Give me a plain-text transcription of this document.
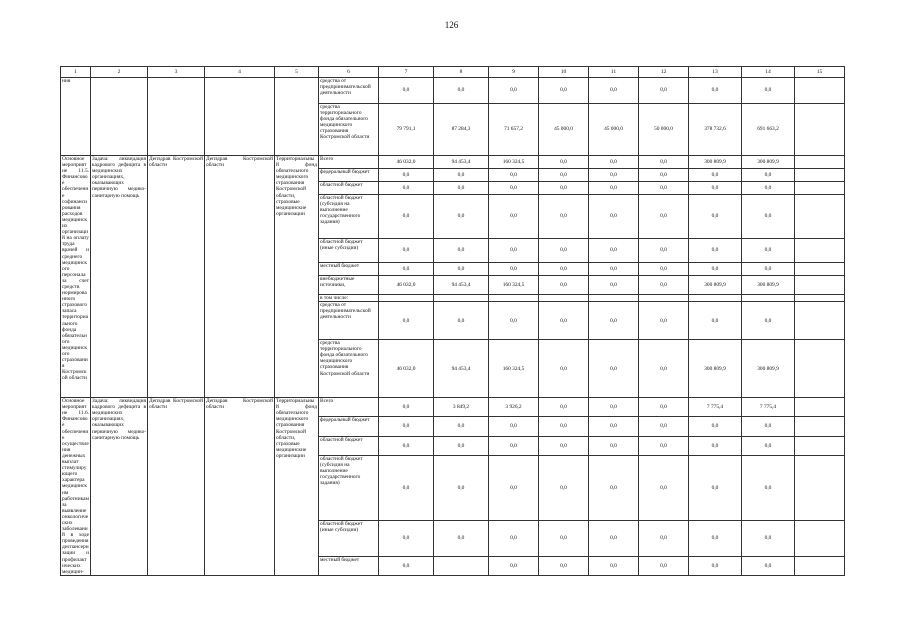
126
1	2	3	4	5	6	7	8	9	10	11	12	13	14	15
ния					средства от предпринимательской деятельности	0,0	0,0	0,0	0,0	0,0	0,0	0,0	0,0	
					средства территориального фонда обязательного медицинского страхования Костромской области	79 791,1	87 284,3	71 657,2	45 000,0	45 000,0	50 000,0	378 732,6	691 663,2	
Основное мероприятие 11.5. Финансовое обеспечение софинансирования расходов медицинских организаций на оплату труда врачей и среднего медицинского персонала за счет средств нормированного страхового запаса территориального фонда обязательного медицинского страхования Костромской области	Задача: ликвидация кадрового дефицита в медицинских организациях, оказывающих первичную медико-санитарную помощь	Депздрав Костромской области	Депздрав Костромской области	Территориальный фонд обязательного медицинского страхования Костромской области, страховые медицинские организации	Всего	46 032,0	94 453,4	160 324,5	0,0	0,0	0,0	300 809,9	300 809,9	
					федеральный бюджет	0,0	0,0	0,0	0,0	0,0	0,0	0,0	0,0	
					областной бюджет	0,0	0,0	0,0	0,0	0,0	0,0	0,0	0,0	
					областной бюджет (субсидия на выполнение государственного задания)	0,0	0,0	0,0	0,0	0,0	0,0	0,0	0,0	
					областной бюджет (иные субсидии)	0,0	0,0	0,0	0,0	0,0	0,0	0,0	0,0	
					местный бюджет	0,0	0,0	0,0	0,0	0,0	0,0	0,0	0,0	
					внебюджетные источники,	46 032,0	94 453,4	160 324,5	0,0	0,0	0,0	300 809,9	300 809,9	
					в том числе:									
					средства от предпринимательской деятельности	0,0	0,0	0,0	0,0	0,0	0,0	0,0	0,0	
					средства территориального фонда обязательного медицинского страхования Костромской области	46 032,0	94 453,4	160 324,5	0,0	0,0	0,0	300 809,9	300 809,9	
Основное мероприятие 11.6. Финансовое обеспечение осуществления денежных выплат стимулирующего характера медицинским работникам за выявление онкологических заболеваний в ходе проведения диспансеризации и профилактических медицин-	Задача: ликвидация кадрового дефицита в медицинских организациях, оказывающих первичную медико-санитарную помощь	Депздрав Костромской области	Депздрав Костромской области	Территориальный фонд обязательного медицинского страхования Костромской области, страховые медицинские организации	Всего	0,0	3 849,2	3 926,2	0,0	0,0	0,0	7 775,4	7 775,4	
					федеральный бюджет	0,0	0,0	0,0	0,0	0,0	0,0	0,0	0,0	
					областной бюджет	0,0	0,0	0,0	0,0	0,0	0,0	0,0	0,0	
					областной бюджет (субсидия на выполнение государственного задания)	0,0	0,0	0,0	0,0	0,0	0,0	0,0	0,0	
					областной бюджет (иные субсидии)	0,0	0,0	0,0	0,0	0,0	0,0	0,0	0,0	
					местный бюджет	0,0		0,0	0,0	0,0	0,0	0,0	0,0	
